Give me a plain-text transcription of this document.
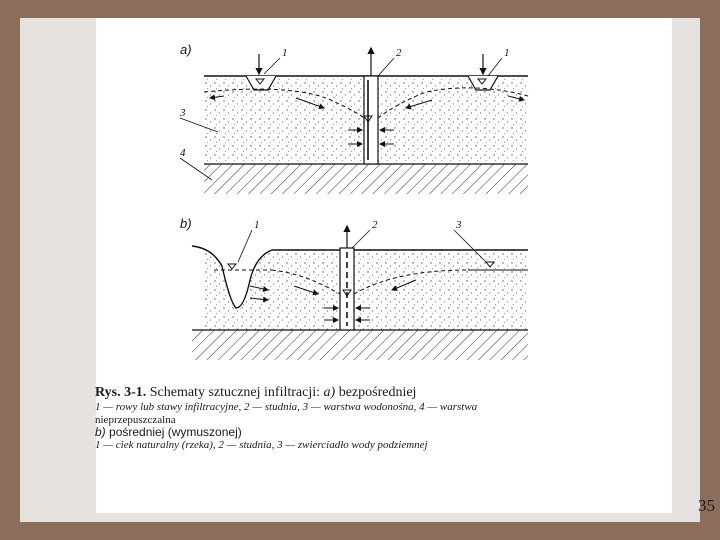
a)	1	2	1
3
4
b)	1	2	3
Rys. 3-1. Schematy sztucznej infiltracji: a) bezpośredniej
1 — rowy lub stawy infiltracyjne, 2 — studnia, 3 — warstwa wodonośna, 4 — warstwa
nieprzepuszczalna
b) pośredniej (wymuszonej)
1 — ciek naturalny (rzeka), 2 — studnia, 3 — zwierciadło wody podziemnej
35
